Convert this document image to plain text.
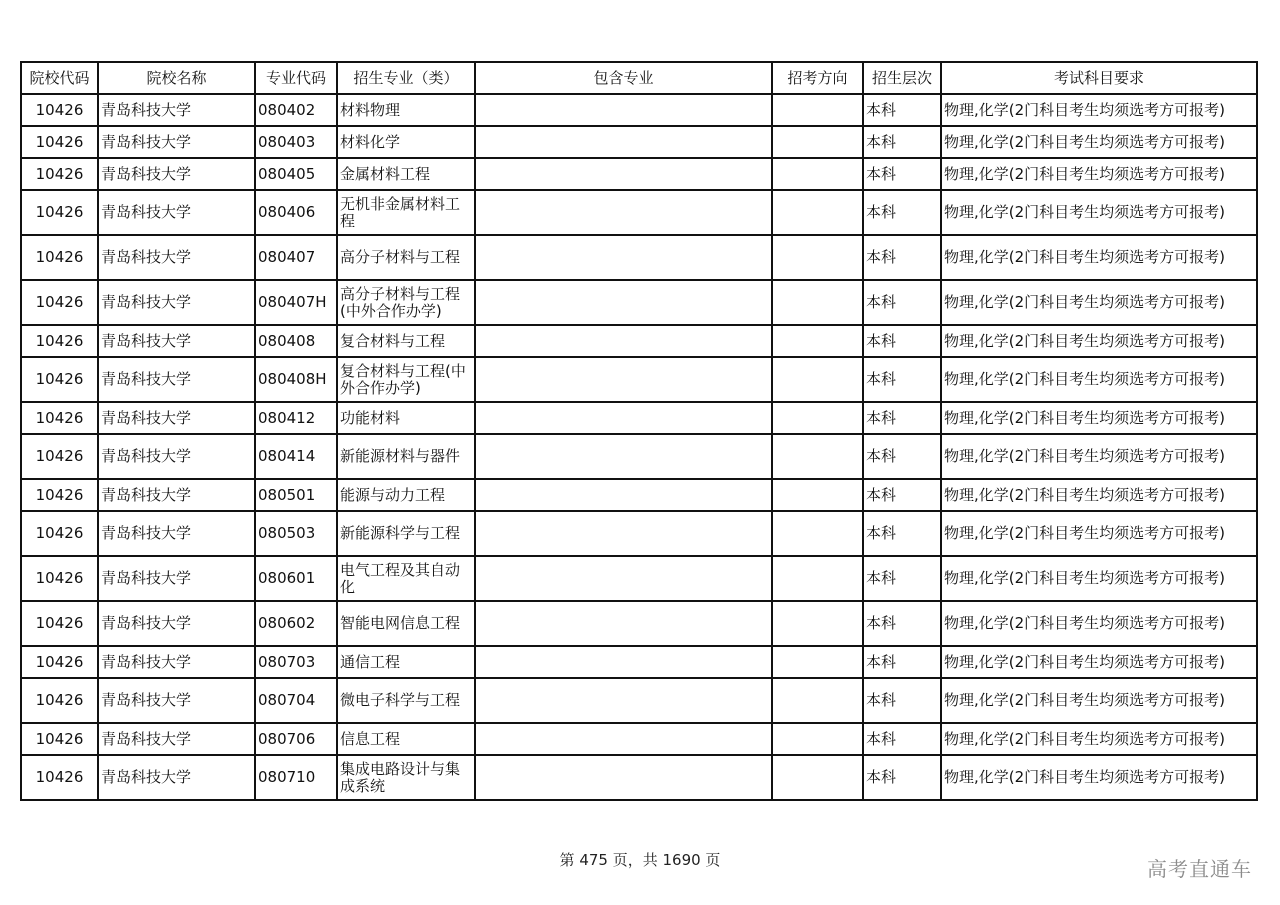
院校代码	院校名称	专业代码	招生专业（类）	包含专业	招考方向	招生层次	考试科目要求
10426	青岛科技大学	080402	材料物理			本科	物理,化学(2门科目考生均须选考方可报考)
10426	青岛科技大学	080403	材料化学			本科	物理,化学(2门科目考生均须选考方可报考)
10426	青岛科技大学	080405	金属材料工程			本科	物理,化学(2门科目考生均须选考方可报考)
10426	青岛科技大学	080406	无机非金属材料工程			本科	物理,化学(2门科目考生均须选考方可报考)
10426	青岛科技大学	080407	高分子材料与工程			本科	物理,化学(2门科目考生均须选考方可报考)
10426	青岛科技大学	080407H	高分子材料与工程(中外合作办学)			本科	物理,化学(2门科目考生均须选考方可报考)
10426	青岛科技大学	080408	复合材料与工程			本科	物理,化学(2门科目考生均须选考方可报考)
10426	青岛科技大学	080408H	复合材料与工程(中外合作办学)			本科	物理,化学(2门科目考生均须选考方可报考)
10426	青岛科技大学	080412	功能材料			本科	物理,化学(2门科目考生均须选考方可报考)
10426	青岛科技大学	080414	新能源材料与器件			本科	物理,化学(2门科目考生均须选考方可报考)
10426	青岛科技大学	080501	能源与动力工程			本科	物理,化学(2门科目考生均须选考方可报考)
10426	青岛科技大学	080503	新能源科学与工程			本科	物理,化学(2门科目考生均须选考方可报考)
10426	青岛科技大学	080601	电气工程及其自动化			本科	物理,化学(2门科目考生均须选考方可报考)
10426	青岛科技大学	080602	智能电网信息工程			本科	物理,化学(2门科目考生均须选考方可报考)
10426	青岛科技大学	080703	通信工程			本科	物理,化学(2门科目考生均须选考方可报考)
10426	青岛科技大学	080704	微电子科学与工程			本科	物理,化学(2门科目考生均须选考方可报考)
10426	青岛科技大学	080706	信息工程			本科	物理,化学(2门科目考生均须选考方可报考)
10426	青岛科技大学	080710	集成电路设计与集成系统			本科	物理,化学(2门科目考生均须选考方可报考)
第 475 页，共 1690 页	高考直通车
